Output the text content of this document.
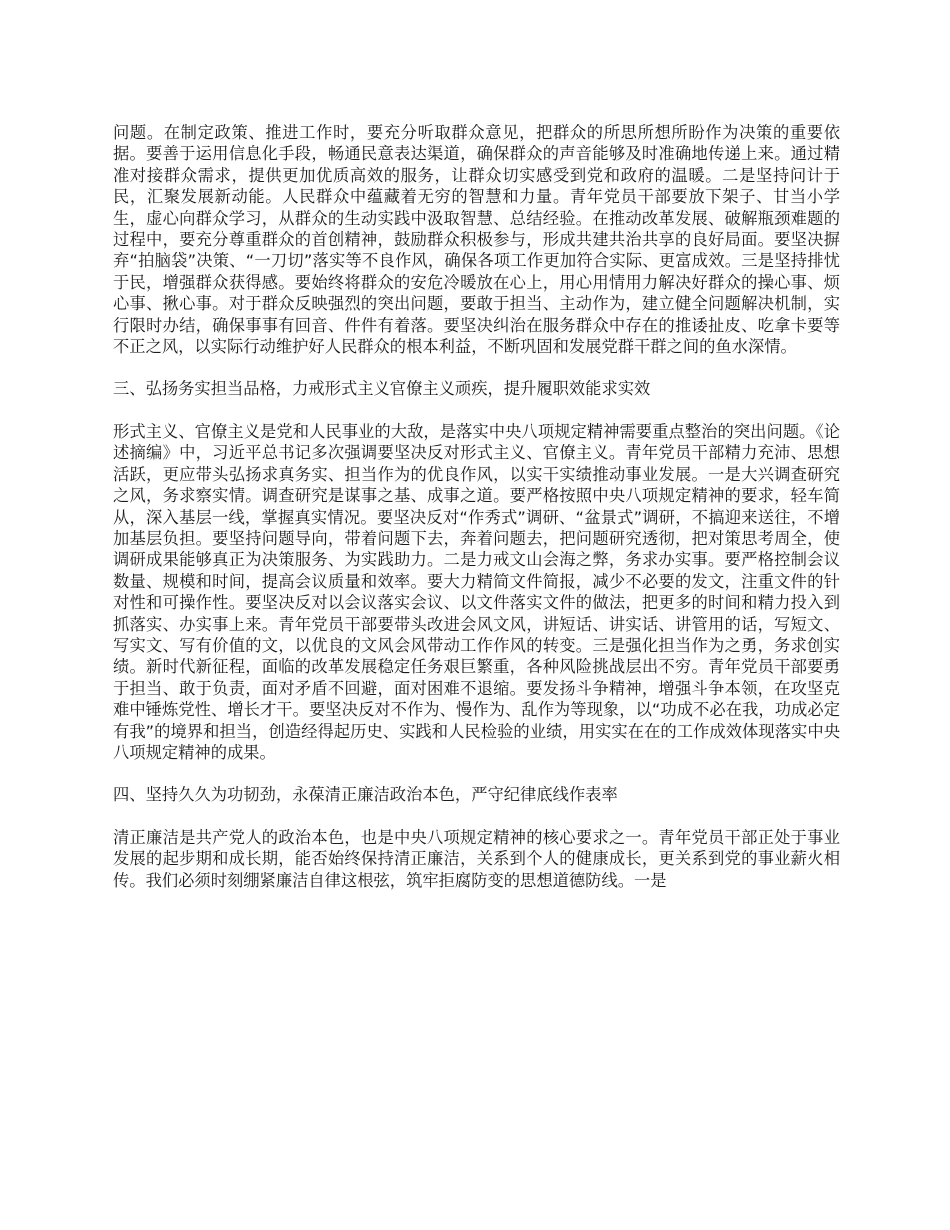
问题。在制定政策、推进工作时，要充分听取群众意见，把群众的所思所想所盼作为决策的重要依据。要善于运用信息化手段，畅通民意表达渠道，确保群众的声音能够及时准确地传递上来。通过精准对接群众需求，提供更加优质高效的服务，让群众切实感受到党和政府的温暖。二是坚持问计于民，汇聚发展新动能。人民群众中蕴藏着无穷的智慧和力量。青年党员干部要放下架子、甘当小学生，虚心向群众学习，从群众的生动实践中汲取智慧、总结经验。在推动改革发展、破解瓶颈难题的过程中，要充分尊重群众的首创精神，鼓励群众积极参与，形成共建共治共享的良好局面。要坚决摒弃“拍脑袋”决策、“一刀切”落实等不良作风，确保各项工作更加符合实际、更富成效。三是坚持排忧于民，增强群众获得感。要始终将群众的安危冷暖放在心上，用心用情用力解决好群众的操心事、烦心事、揪心事。对于群众反映强烈的突出问题，要敢于担当、主动作为，建立健全问题解决机制，实行限时办结，确保事事有回音、件件有着落。要坚决纠治在服务群众中存在的推诿扯皮、吃拿卡要等不正之风，以实际行动维护好人民群众的根本利益，不断巩固和发展党群干群之间的鱼水深情。

三、弘扬务实担当品格，力戒形式主义官僚主义顽疾，提升履职效能求实效

形式主义、官僚主义是党和人民事业的大敌，是落实中央八项规定精神需要重点整治的突出问题。《论述摘编》中，习近平总书记多次强调要坚决反对形式主义、官僚主义。青年党员干部精力充沛、思想活跃，更应带头弘扬求真务实、担当作为的优良作风，以实干实绩推动事业发展。一是大兴调查研究之风，务求察实情。调查研究是谋事之基、成事之道。要严格按照中央八项规定精神的要求，轻车简从，深入基层一线，掌握真实情况。要坚决反对“作秀式”调研、“盆景式”调研，不搞迎来送往，不增加基层负担。要坚持问题导向，带着问题下去，奔着问题去，把问题研究透彻，把对策思考周全，使调研成果能够真正为决策服务、为实践助力。二是力戒文山会海之弊，务求办实事。要严格控制会议数量、规模和时间，提高会议质量和效率。要大力精简文件简报，减少不必要的发文，注重文件的针对性和可操作性。要坚决反对以会议落实会议、以文件落实文件的做法，把更多的时间和精力投入到抓落实、办实事上来。青年党员干部要带头改进会风文风，讲短话、讲实话、讲管用的话，写短文、写实文、写有价值的文，以优良的文风会风带动工作作风的转变。三是强化担当作为之勇，务求创实绩。新时代新征程，面临的改革发展稳定任务艰巨繁重，各种风险挑战层出不穷。青年党员干部要勇于担当、敢于负责，面对矛盾不回避，面对困难不退缩。要发扬斗争精神，增强斗争本领，在攻坚克难中锤炼党性、增长才干。要坚决反对不作为、慢作为、乱作为等现象，以“功成不必在我，功成必定有我”的境界和担当，创造经得起历史、实践和人民检验的业绩，用实实在在的工作成效体现落实中央八项规定精神的成果。

四、坚持久久为功韧劲，永葆清正廉洁政治本色，严守纪律底线作表率

清正廉洁是共产党人的政治本色，也是中央八项规定精神的核心要求之一。青年党员干部正处于事业发展的起步期和成长期，能否始终保持清正廉洁，关系到个人的健康成长，更关系到党的事业薪火相传。我们必须时刻绷紧廉洁自律这根弦，筑牢拒腐防变的思想道德防线。一是
